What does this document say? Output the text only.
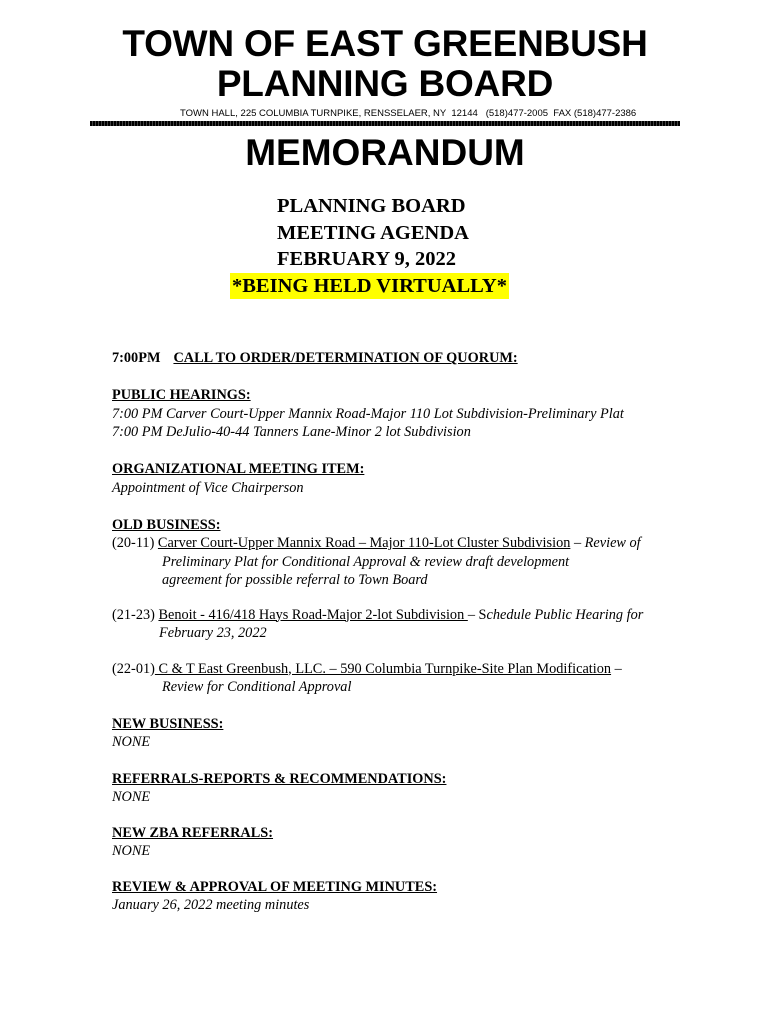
TOWN OF EAST GREENBUSH
PLANNING BOARD
TOWN HALL, 225 COLUMBIA TURNPIKE, RENSSELAER, NY  12144   (518)477-2005  FAX (518)477-2386
MEMORANDUM
PLANNING BOARD
MEETING AGENDA
FEBRUARY 9, 2022
*BEING HELD VIRTUALLY*

7:00PM CALL TO ORDER/DETERMINATION OF QUORUM:

PUBLIC HEARINGS:

7:00 PM Carver Court-Upper Mannix Road-Major 110 Lot Subdivision-Preliminary Plat

7:00 PM DeJulio-40-44 Tanners Lane-Minor 2 lot Subdivision

ORGANIZATIONAL MEETING ITEM:

Appointment of Vice Chairperson

OLD BUSINESS:

(20-11) Carver Court-Upper Mannix Road – Major 110-Lot Cluster Subdivision – Review of

Preliminary Plat for Conditional Approval & review draft development

agreement for possible referral to Town Board

(21-23) Benoit - 416/418 Hays Road-Major 2-lot Subdivision – Schedule Public Hearing for

February 23, 2022

(22-01) C & T East Greenbush, LLC. – 590 Columbia Turnpike-Site Plan Modification –

Review for Conditional Approval

NEW BUSINESS:

NONE

REFERRALS-REPORTS & RECOMMENDATIONS:

NONE

NEW ZBA REFERRALS:

NONE

REVIEW & APPROVAL OF MEETING MINUTES:

January 26, 2022 meeting minutes
